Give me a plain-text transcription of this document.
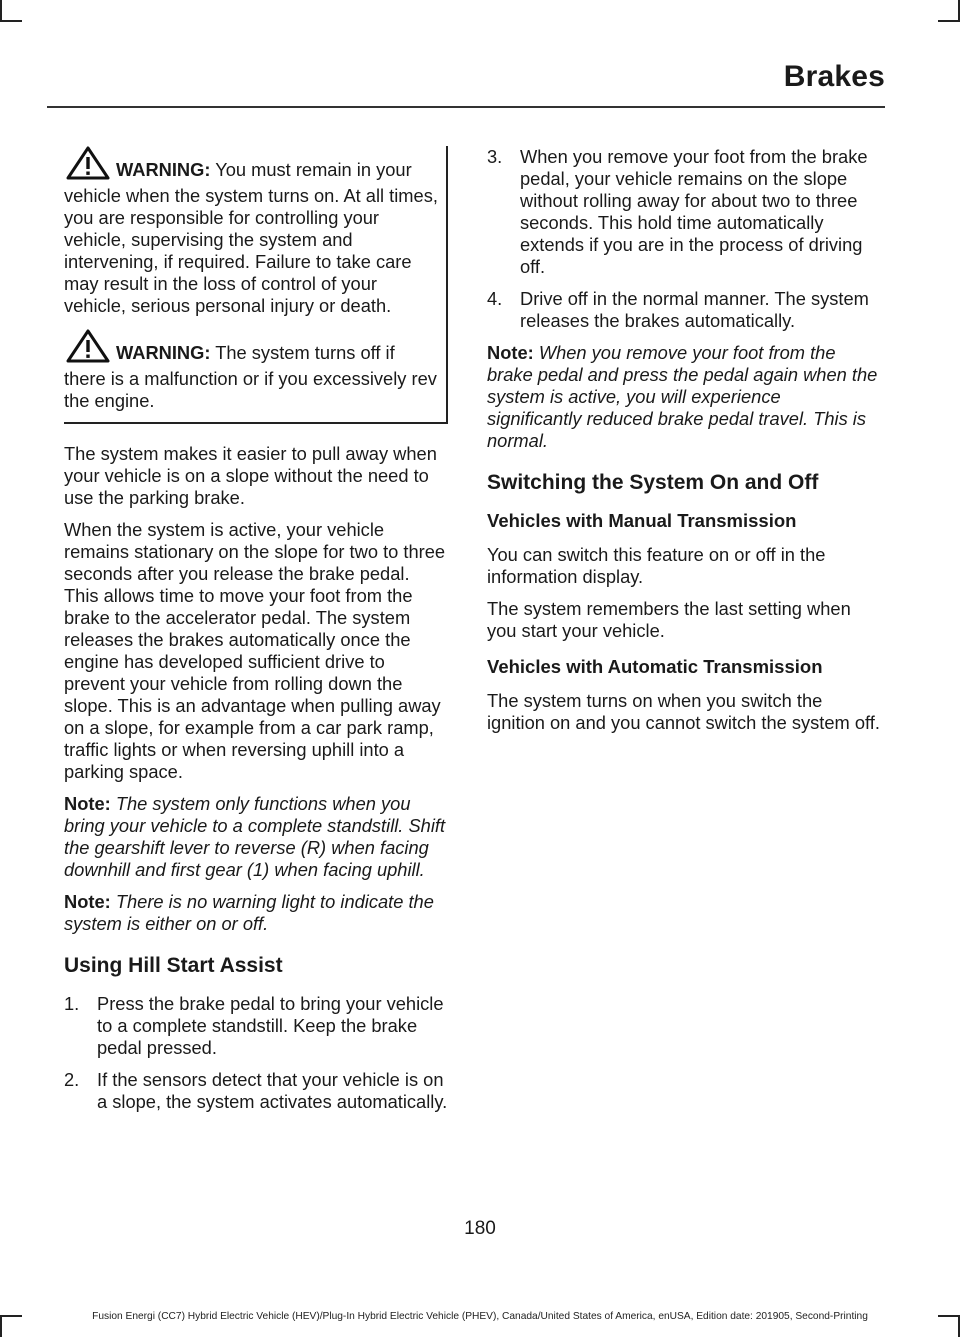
Brakes

WARNING: You must remain in your vehicle when the system turns on. At all times, you are responsible for controlling your vehicle, supervising the system and intervening, if required. Failure to take care may result in the loss of control of your vehicle, serious personal injury or death.

WARNING: The system turns off if there is a malfunction or if you excessively rev the engine.

The system makes it easier to pull away when your vehicle is on a slope without the need to use the parking brake.

When the system is active, your vehicle remains stationary on the slope for two to three seconds after you release the brake pedal. This allows time to move your foot from the brake to the accelerator pedal. The system releases the brakes automatically once the engine has developed sufficient drive to prevent your vehicle from rolling down the slope. This is an advantage when pulling away on a slope, for example from a car park ramp, traffic lights or when reversing uphill into a parking space.

Note: The system only functions when you bring your vehicle to a complete standstill. Shift the gearshift lever to reverse (R) when facing downhill and first gear (1) when facing uphill.

Note: There is no warning light to indicate the system is either on or off.

Using Hill Start Assist
1. Press the brake pedal to bring your vehicle to a complete standstill. Keep the brake pedal pressed.
2. If the sensors detect that your vehicle is on a slope, the system activates automatically.
3. When you remove your foot from the brake pedal, your vehicle remains on the slope without rolling away for about two to three seconds. This hold time automatically extends if you are in the process of driving off.
4. Drive off in the normal manner. The system releases the brakes automatically.

Note: When you remove your foot from the brake pedal and press the pedal again when the system is active, you will experience significantly reduced brake pedal travel. This is normal.

Switching the System On and Off
Vehicles with Manual Transmission

You can switch this feature on or off in the information display.

The system remembers the last setting when you start your vehicle.

Vehicles with Automatic Transmission

The system turns on when you switch the ignition on and you cannot switch the system off.

180
Fusion Energi (CC7) Hybrid Electric Vehicle (HEV)/Plug-In Hybrid Electric Vehicle (PHEV), Canada/United States of America, enUSA, Edition date: 201905, Second-Printing
